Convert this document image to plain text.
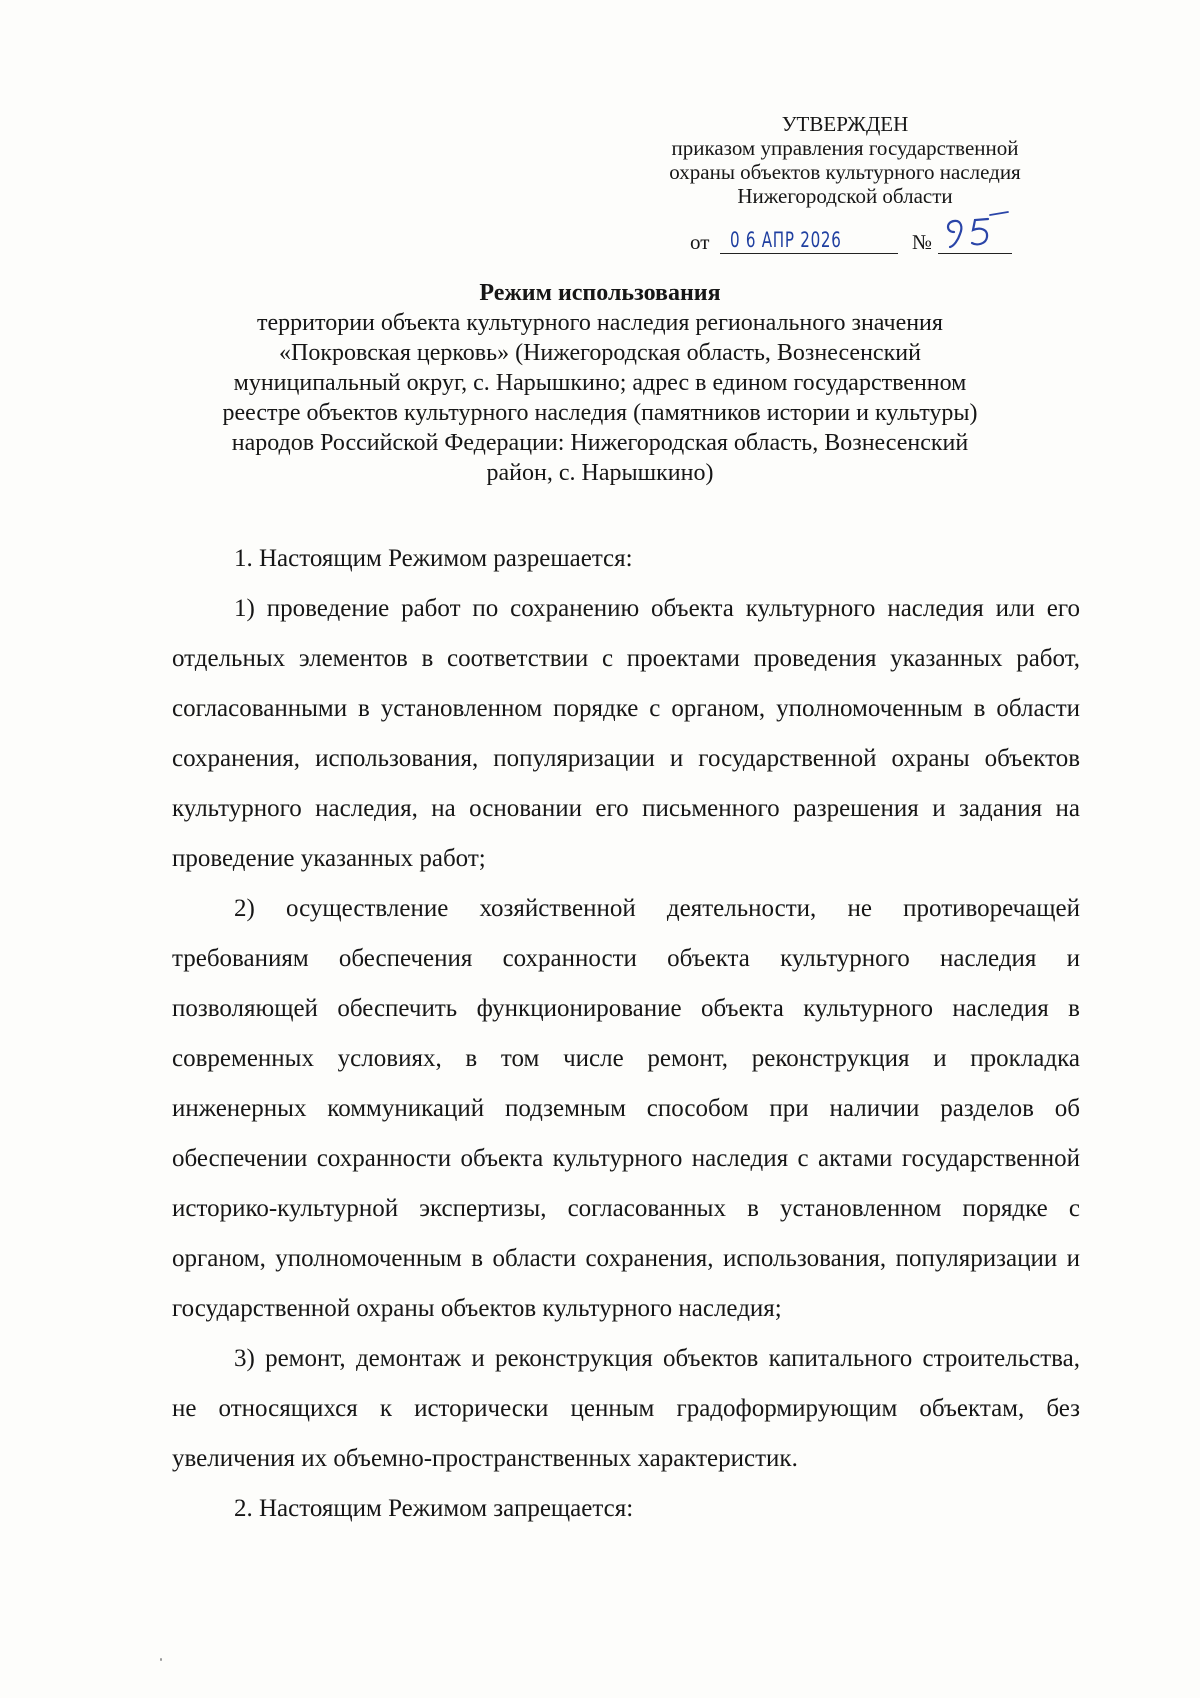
УТВЕРЖДЕН
приказом управления государственной
охраны объектов культурного наследия
Нижегородской области
от 0 6 АПР 2026	№
Режим использования
территории объекта культурного наследия регионального значения
«Покровская церковь» (Нижегородская область, Вознесенский
муниципальный округ, с. Нарышкино; адрес в едином государственном
реестре объектов культурного наследия (памятников истории и культуры)
народов Российской Федерации: Нижегородская область, Вознесенский
район, с. Нарышкино)

1. Настоящим Режимом разрешается:

1) проведение работ по сохранению объекта культурного наследия или его отдельных элементов в соответствии с проектами проведения указанных работ, согласованными в установленном порядке с органом, уполномоченным в области сохранения, использования, популяризации и государственной охраны объектов культурного наследия, на основании его письменного разрешения и задания на проведение указанных работ;

2) осуществление хозяйственной деятельности, не противоречащей требованиям обеспечения сохранности объекта культурного наследия и позволяющей обеспечить функционирование объекта культурного наследия в современных условиях, в том числе ремонт, реконструкция и прокладка инженерных коммуникаций подземным способом при наличии разделов об обеспечении сохранности объекта культурного наследия с актами государственной историко-культурной экспертизы, согласованных в установленном порядке с органом, уполномоченным в области сохранения, использования, популяризации и государственной охраны объектов культурного наследия;

3) ремонт, демонтаж и реконструкция объектов капитального строительства, не относящихся к исторически ценным градоформирующим объектам, без увеличения их объемно-пространственных характеристик.

2. Настоящим Режимом запрещается:
